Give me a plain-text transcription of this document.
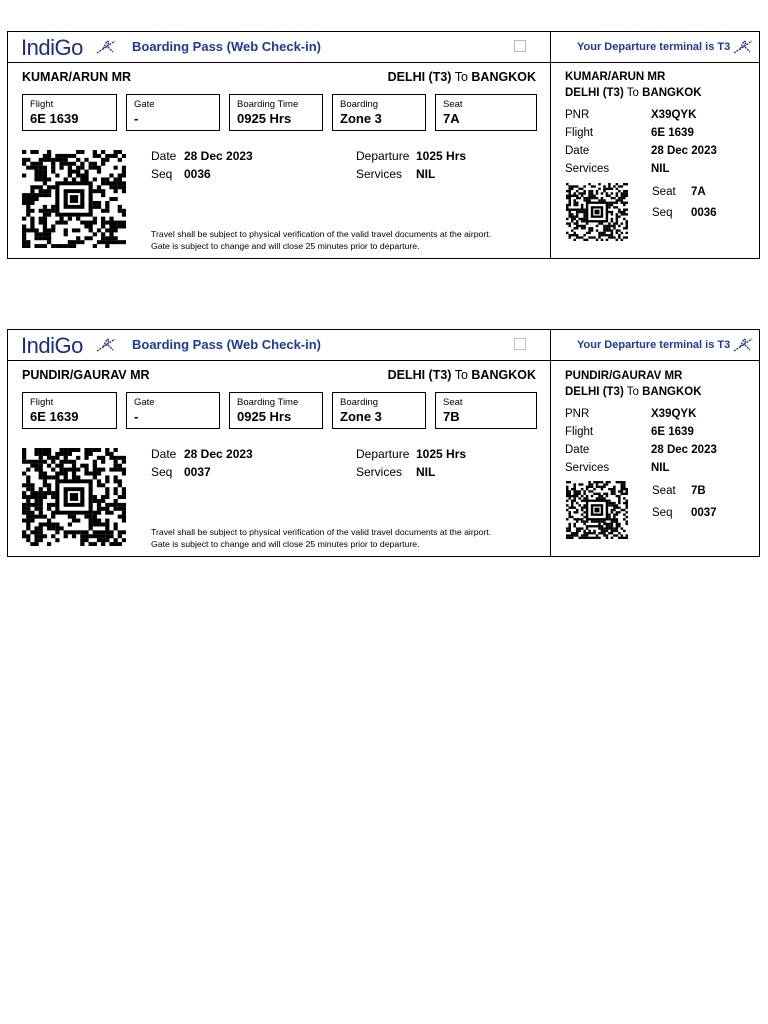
IndiGo	Boarding Pass (Web Check-in)	Your Departure terminal is T3
KUMAR/ARUN MR	DELHI (T3) To BANGKOK
Flight
6E 1639
Gate
-
Boarding Time
0925 Hrs
Boarding
Zone 3
Seat
7A
Date 28 Dec 2023
Seq 0036
Departure 1025 Hrs
Services NIL
Travel shall be subject to physical verification of the valid travel documents at the airport.
Gate is subject to change and will close 25 minutes prior to departure.
KUMAR/ARUN MR
DELHI (T3) To BANGKOK
PNR	X39QYK
Flight	6E 1639
Date	28 Dec 2023
Services	NIL
Seat 7A
Seq 0036
IndiGo	Boarding Pass (Web Check-in)	Your Departure terminal is T3
PUNDIR/GAURAV MR	DELHI (T3) To BANGKOK
Flight
6E 1639
Gate
-
Boarding Time
0925 Hrs
Boarding
Zone 3
Seat
7B
Date 28 Dec 2023
Seq 0037
Departure 1025 Hrs
Services NIL
Travel shall be subject to physical verification of the valid travel documents at the airport.
Gate is subject to change and will close 25 minutes prior to departure.
PUNDIR/GAURAV MR
DELHI (T3) To BANGKOK
PNR	X39QYK
Flight	6E 1639
Date	28 Dec 2023
Services	NIL
Seat 7B
Seq 0037
